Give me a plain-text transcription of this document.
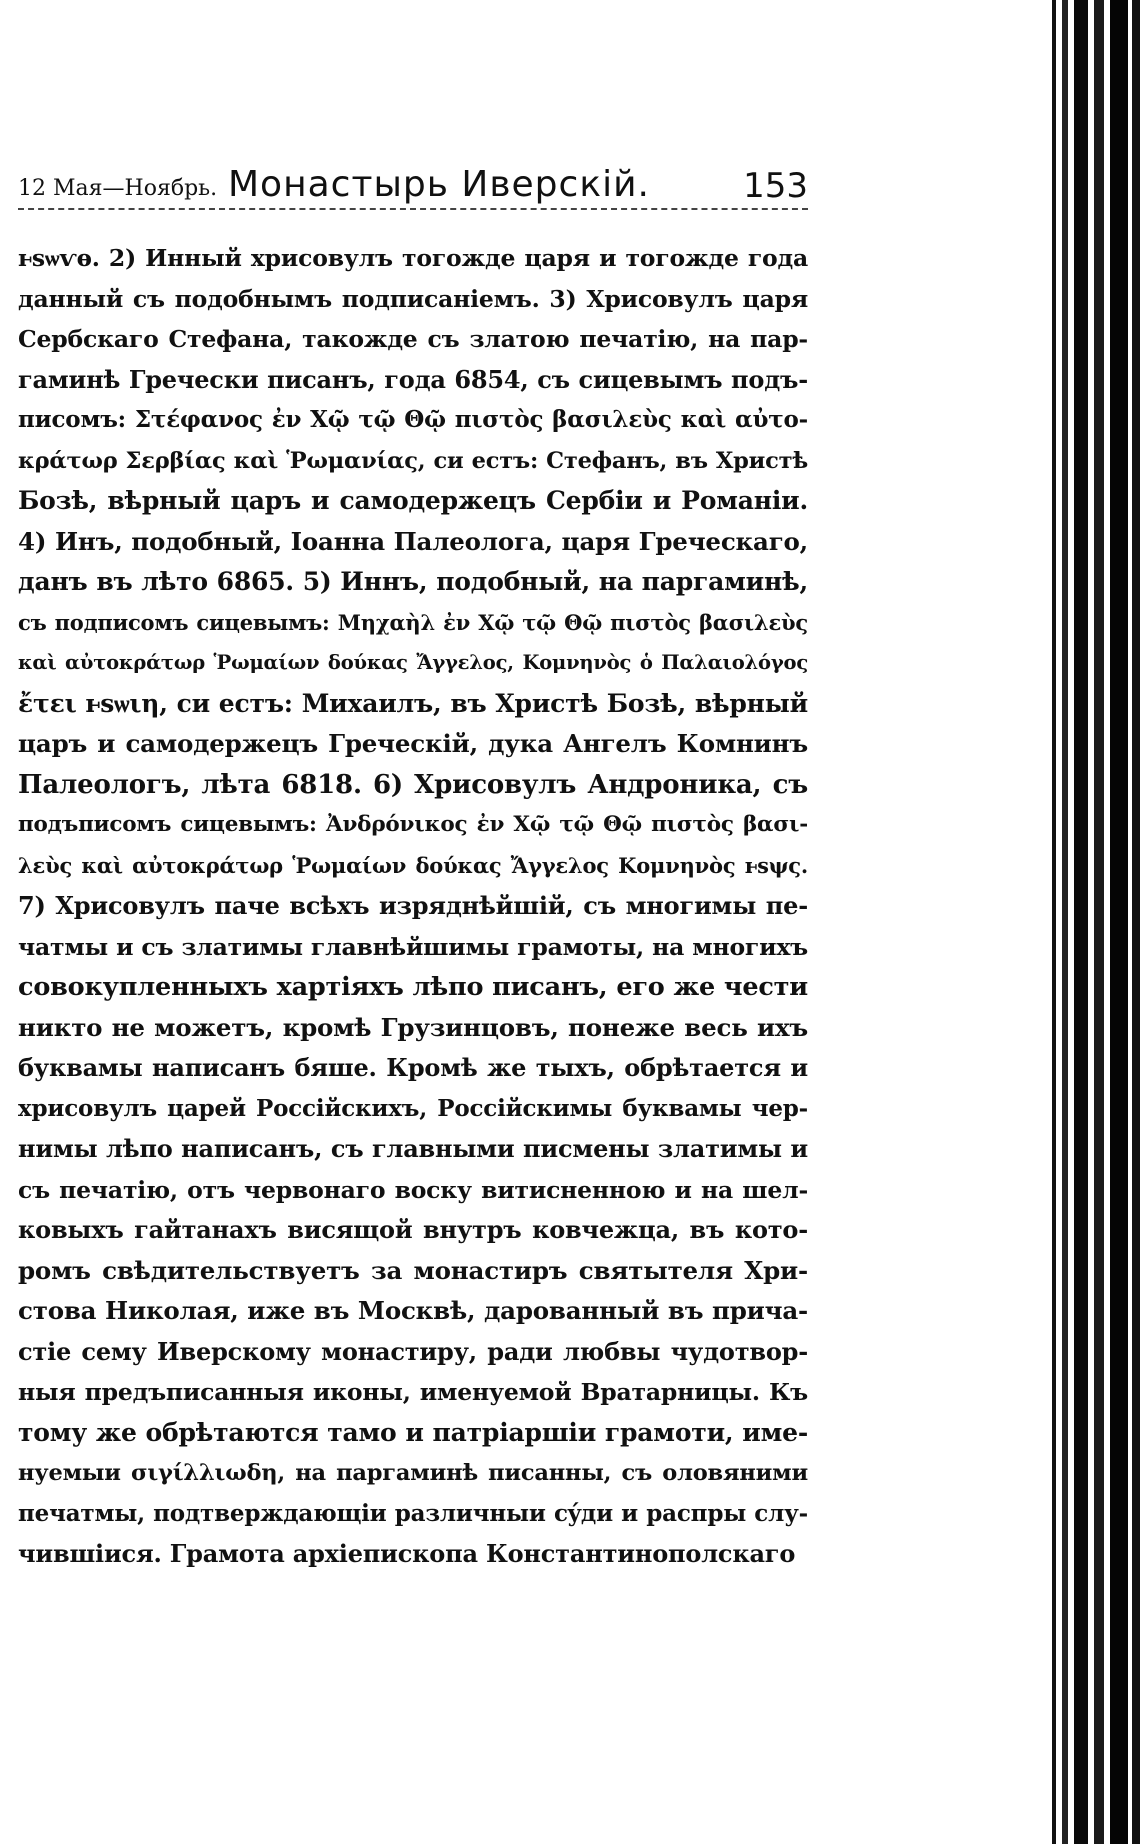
12 Мая—Ноябрь. Монастырь Иверскій.	153
ⱶѕѡѵѳ. 2) Инный хрисовулъ тогожде царя и тогожде года
данный съ подобнымъ подписаніемъ. 3) Хрисовулъ царя
Сербскаго Стефана, такожде съ златою печатію, на пар-
гаминѣ Гречески писанъ, года 6854, съ сицевымъ подъ-
писомъ: Στέφανος ἐν Χῷ τῷ Θῷ πιστὸς βασιλεὺς καὶ αὐτο-
κράτωρ Σερβίας καὶ Ῥωμανίας, си естъ: Стефанъ, въ Христѣ
Бозѣ, вѣрный царъ и самодержецъ Сербіи и Романіи.
4) Инъ, подобный, Іоанна Палеолога, царя Греческаго,
данъ въ лѣто 6865. 5) Иннъ, подобный, на паргаминѣ,
съ подписомъ сицевымъ: Μηχαὴλ ἐν Χῷ τῷ Θῷ πιστὸς βασιλεὺς
καὶ αὐτοκράτωρ Ῥωμαίων δούκας Ἄγγελος, Κομνηνὸς ὁ Παλαιολόγος
ἔτει ⱶѕѡιη, си естъ: Михаилъ, въ Христѣ Бозѣ, вѣрный
царъ и самодержецъ Греческій, дука Ангелъ Комнинъ
Палеологъ, лѣта 6818. 6) Хрисовулъ Андроника, съ
подъписомъ сицевымъ: Ἀνδρόνικος ἐν Χῷ τῷ Θῷ πιστὸς βασι-
λεὺς καὶ αὐτοκράτωρ Ῥωμαίων δούκας Ἄγγελος Κομνηνὸς ⱶѕψς.
7) Хрисовулъ паче всѣхъ изряднѣйшій, съ многимы пе-
чатмы и съ златимы главнѣйшимы грамоты, на многихъ
совокупленныхъ хартіяхъ лѣпо писанъ, его же чести
никто не можетъ, кромѣ Грузинцовъ, понеже весь ихъ
буквамы написанъ бяше. Кромѣ же тыхъ, обрѣтается и
хрисовулъ царей Россійскихъ, Россійскимы буквамы чер-
нимы лѣпо написанъ, съ главными писмены златимы и
съ печатію, отъ червонаго воску витисненною и на шел-
ковыхъ гайтанахъ висящой внутръ ковчежца, въ кото-
ромъ свѣдительствуетъ за монастиръ святытеля Хри-
стова Николая, иже въ Москвѣ, дарованный въ прича-
стіе сему Иверскому монастиру, ради любвы чудотвор-
ныя предъписанныя иконы, именуемой Вратарницы. Къ
тому же обрѣтаются тамо и патріаршіи грамоти, име-
нуемыи σιγίλλιωδη, на паргаминѣ писанны, съ оловяними
печатмы, подтверждающіи различныи сýди и распры слу-
чившіися. Грамота архіепископа Константинополскаго
